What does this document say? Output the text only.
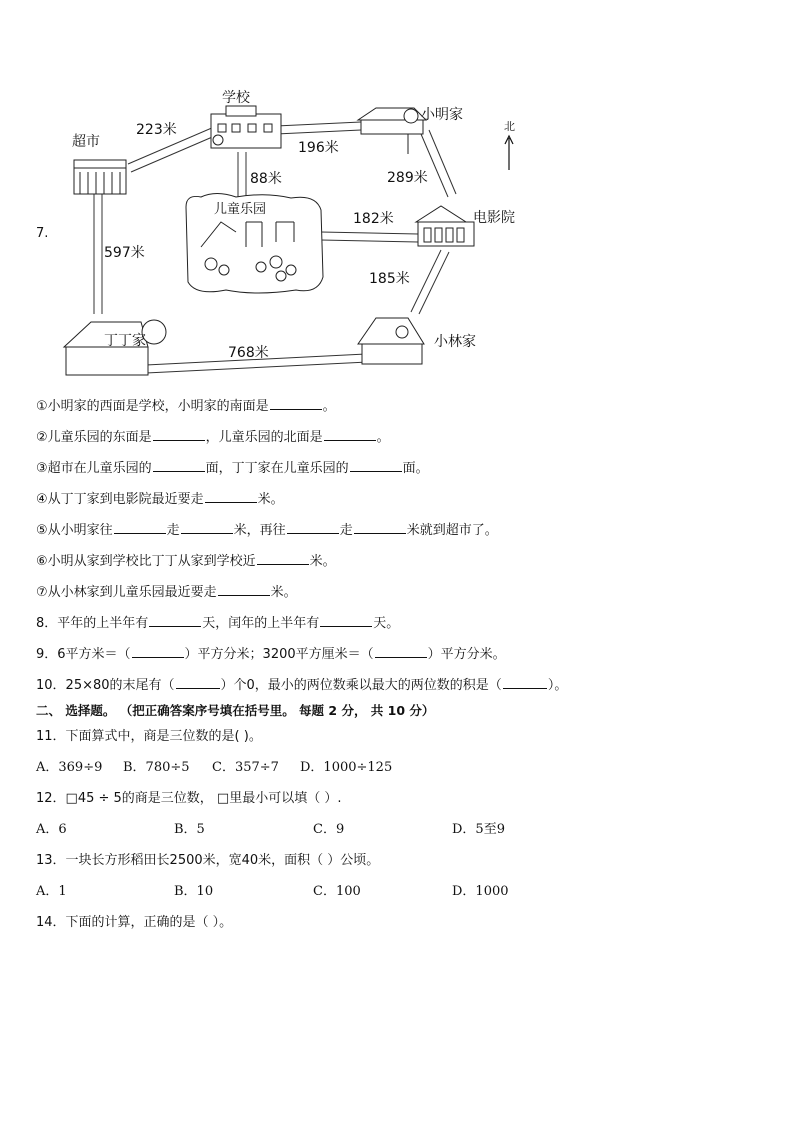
北
学校
超市
小明家
电影院
儿童乐园
丁丁家	小林家
223米
196米
88米	289米
182米
597米
185米
768米
7.
①小明家的西面是学校，小明家的南面是	。
②儿童乐园的东面是	，儿童乐园的北面是	。
③超市在儿童乐园的	面，丁丁家在儿童乐园的	面。
④从丁丁家到电影院最近要走	米。
⑤从小明家往	走	米，再往	走	米就到超市了。
⑥小明从家到学校比丁丁从家到学校近	米。
⑦从小林家到儿童乐园最近要走	米。
8．平年的上半年有	天，闰年的上半年有	天。
9．6平方米＝（	）平方分米；3200平方厘米＝（	）平方分米。
10．25×80的末尾有（	）个0，最小的两位数乘以最大的两位数的积是（	）。
二、 选择题。 （把正确答案序号填在括号里。 每题 2 分， 共 10 分）
11．下面算式中，商是三位数的是( )。
A．369÷9 B．780÷5 C．357÷7 D．1000÷125
12．□45 ÷ 5的商是三位数， □里最小可以填（ ）.
A．6	B．5	C．9	D．5至9
13．一块长方形稻田长2500米，宽40米，面积（ ）公顷。
A．1	B．10	C．100	D．1000
14．下面的计算，正确的是（ ）。
